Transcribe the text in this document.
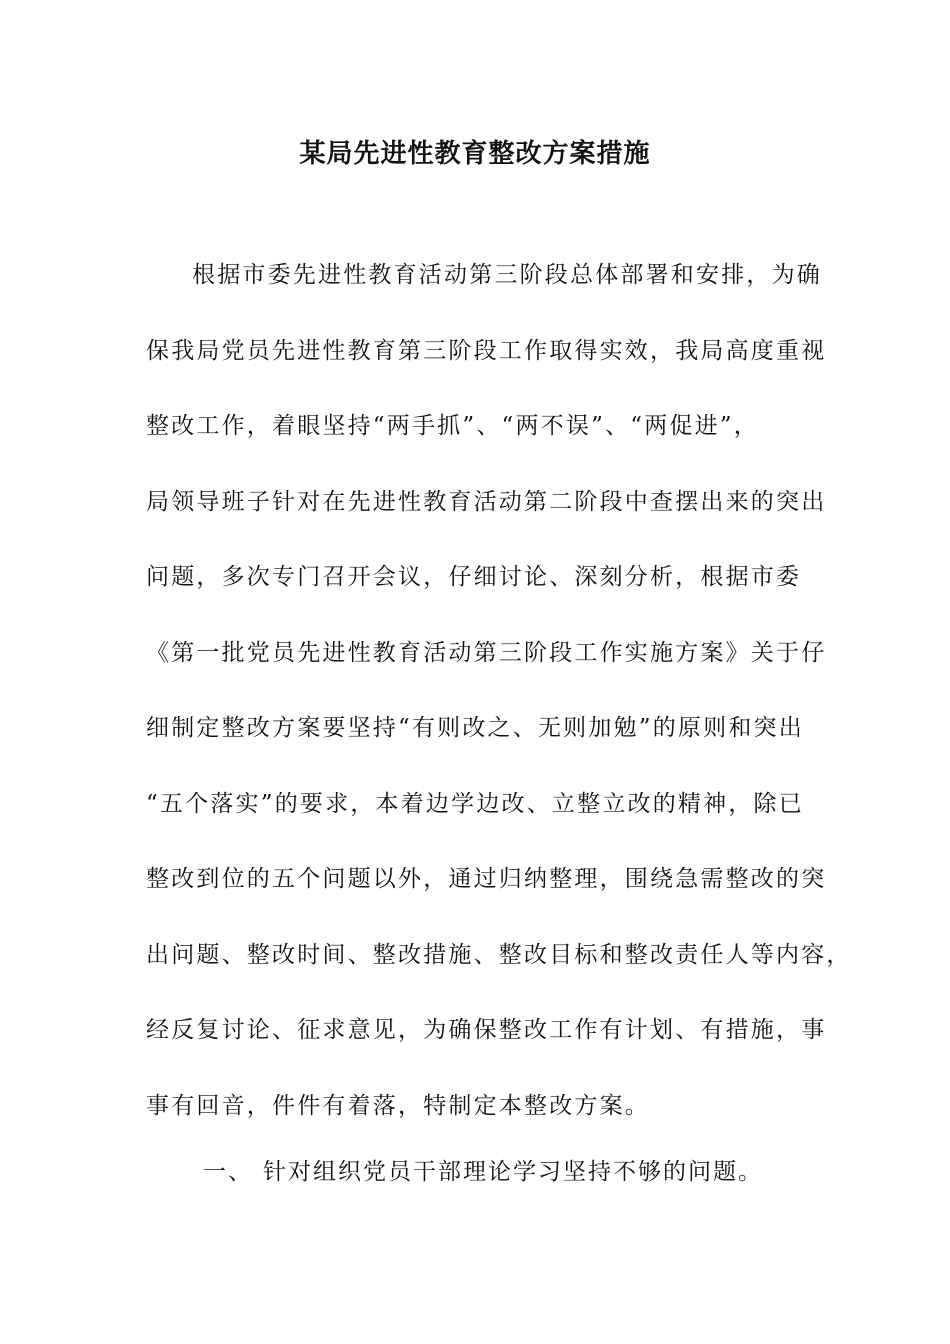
某局先进性教育整改方案措施
根据市委先进性教育活动第三阶段总体部署和安排，为确
保我局党员先进性教育第三阶段工作取得实效，我局高度重视
整改工作，着眼坚持“两手抓”、“两不误”、“两促进”，
局领导班子针对在先进性教育活动第二阶段中查摆出来的突出
问题，多次专门召开会议，仔细讨论、深刻分析，根据市委
《第一批党员先进性教育活动第三阶段工作实施方案》关于仔
细制定整改方案要坚持“有则改之、无则加勉”的原则和突出
“五个落实”的要求，本着边学边改、立整立改的精神，除已
整改到位的五个问题以外，通过归纳整理，围绕急需整改的突
出问题、整改时间、整改措施、整改目标和整改责任人等内容，
经反复讨论、征求意见，为确保整改工作有计划、有措施，事
事有回音，件件有着落，特制定本整改方案。
一、 针对组织党员干部理论学习坚持不够的问题。
